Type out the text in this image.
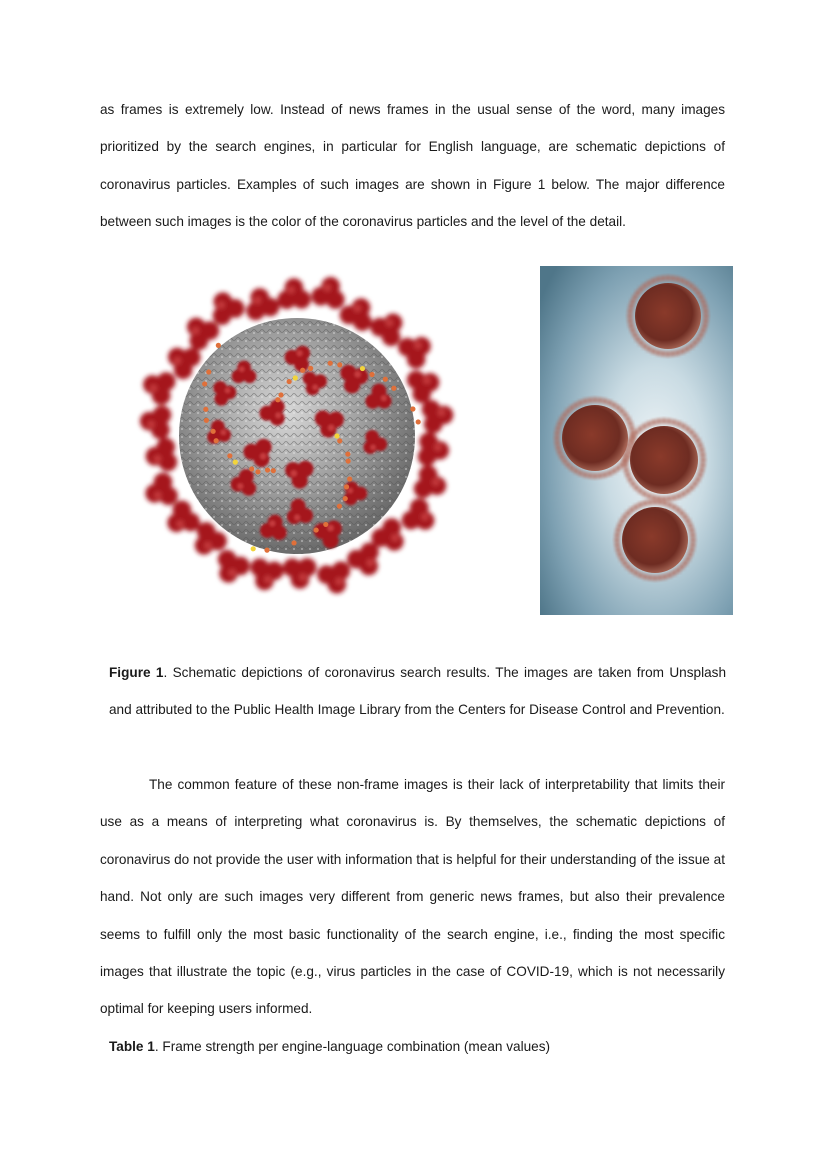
as frames is extremely low. Instead of news frames in the usual sense of the word, many images prioritized by the search engines, in particular for English language, are schematic depictions of coronavirus particles. Examples of such images are shown in Figure 1 below. The major difference between such images is the color of the coronavirus particles and the level of the detail.

Figure 1. Schematic depictions of coronavirus search results. The images are taken from Unsplash and attributed to the Public Health Image Library from the Centers for Disease Control and Prevention.

The common feature of these non-frame images is their lack of interpretability that limits their use as a means of interpreting what coronavirus is. By themselves, the schematic depictions of coronavirus do not provide the user with information that is helpful for their understanding of the issue at hand. Not only are such images very different from generic news frames, but also their prevalence seems to fulfill only the most basic functionality of the search engine, i.e., finding the most specific images that illustrate the topic (e.g., virus particles in the case of COVID-19, which is not necessarily optimal for keeping users informed.

Table 1. Frame strength per engine-language combination (mean values)
